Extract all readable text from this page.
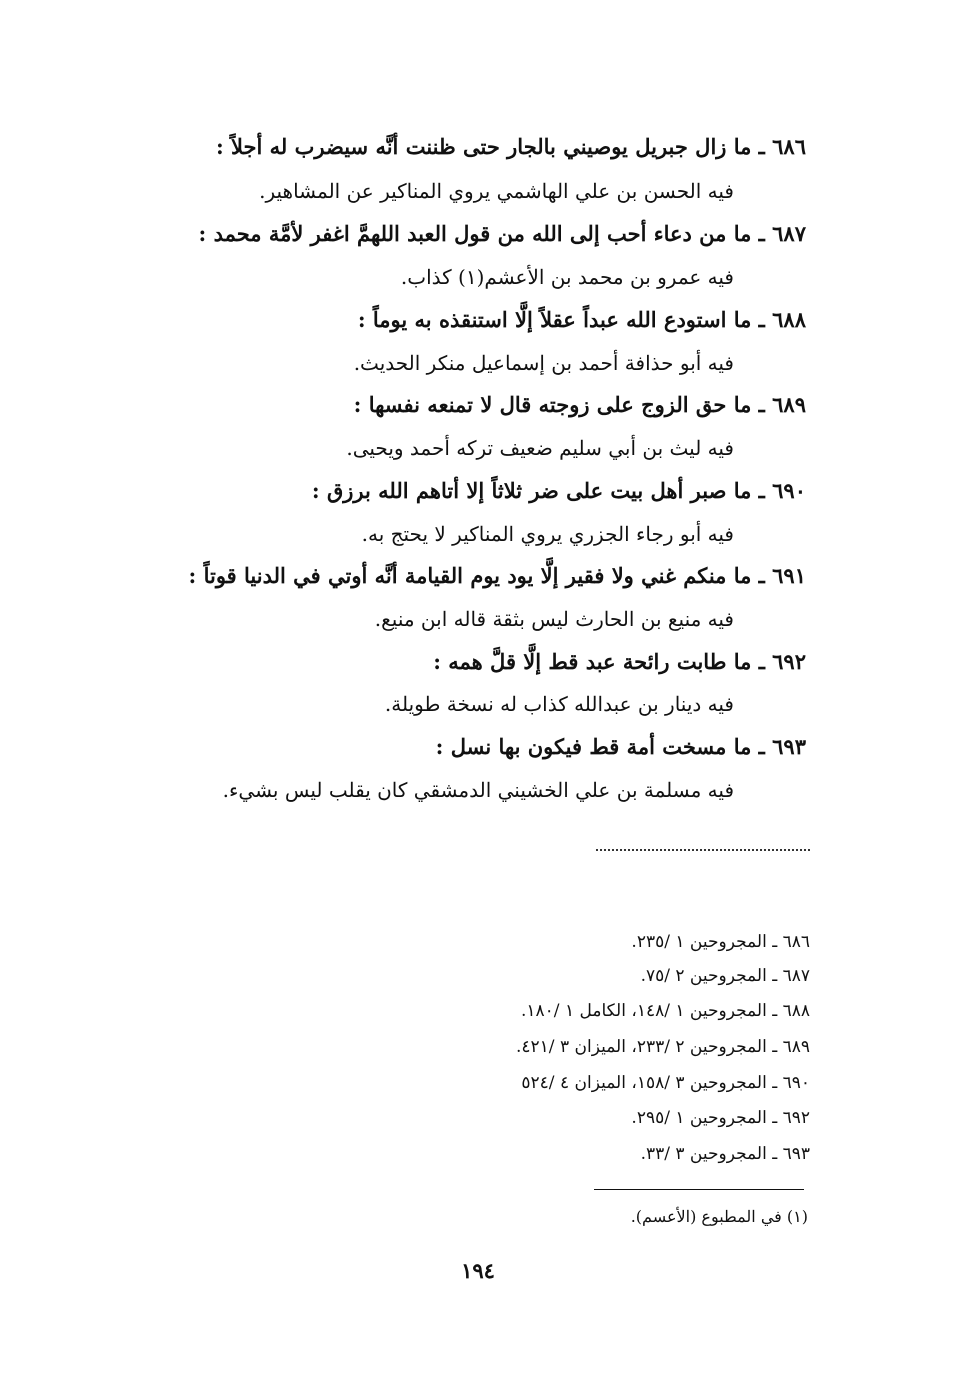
٦٨٦ ـ ما زال جبريل يوصيني بالجار حتى ظننت أنَّه سيضرب له أجلاً :
فيه الحسن بن علي الهاشمي يروي المناكير عن المشاهير.
٦٨٧ ـ ما من دعاء أحب إلى الله من قول العبد اللهمَّ اغفر لأمَّة محمد :
فيه عمرو بن محمد بن الأعشم(١) كذاب.
٦٨٨ ـ ما استودع الله عبداً عقلاً إلَّا استنقذه به يوماً :
فيه أبو حذافة أحمد بن إسماعيل منكر الحديث.
٦٨٩ ـ ما حق الزوج على زوجته قال لا تمنعه نفسها :
فيه ليث بن أبي سليم ضعيف تركه أحمد ويحيى.
٦٩٠ ـ ما صبر أهل بيت على ضر ثلاثاً إلا أتاهم الله برزق :
فيه أبو رجاء الجزري يروي المناكير لا يحتج به.
٦٩١ ـ ما منكم غني ولا فقير إلَّا يود يوم القيامة أنَّه أوتي في الدنيا قوتاً :
فيه منيع بن الحارث ليس بثقة قاله ابن منيع.
٦٩٢ ـ ما طابت رائحة عبد قط إلَّا قلَّ همه :
فيه دينار بن عبدالله كذاب له نسخة طويلة.
٦٩٣ ـ ما مسخت أمة قط فيكون بها نسل :
فيه مسلمة بن علي الخشيني الدمشقي كان يقلب ليس بشيء.
٦٨٦ ـ المجروحين ١ /٢٣٥.
٦٨٧ ـ المجروحين ٢ /٧٥.
٦٨٨ ـ المجروحين ١ /١٤٨، الكامل ١ /١٨٠.
٦٨٩ ـ المجروحين ٢ /٢٣٣، الميزان ٣ /٤٢١.
٦٩٠ ـ المجروحين ٣ /١٥٨، الميزان ٤ /٥٢٤
٦٩٢ ـ المجروحين ١ /٢٩٥.
٦٩٣ ـ المجروحين ٣ /٣٣.
(١) في المطبوع (الأعسم).
١٩٤
